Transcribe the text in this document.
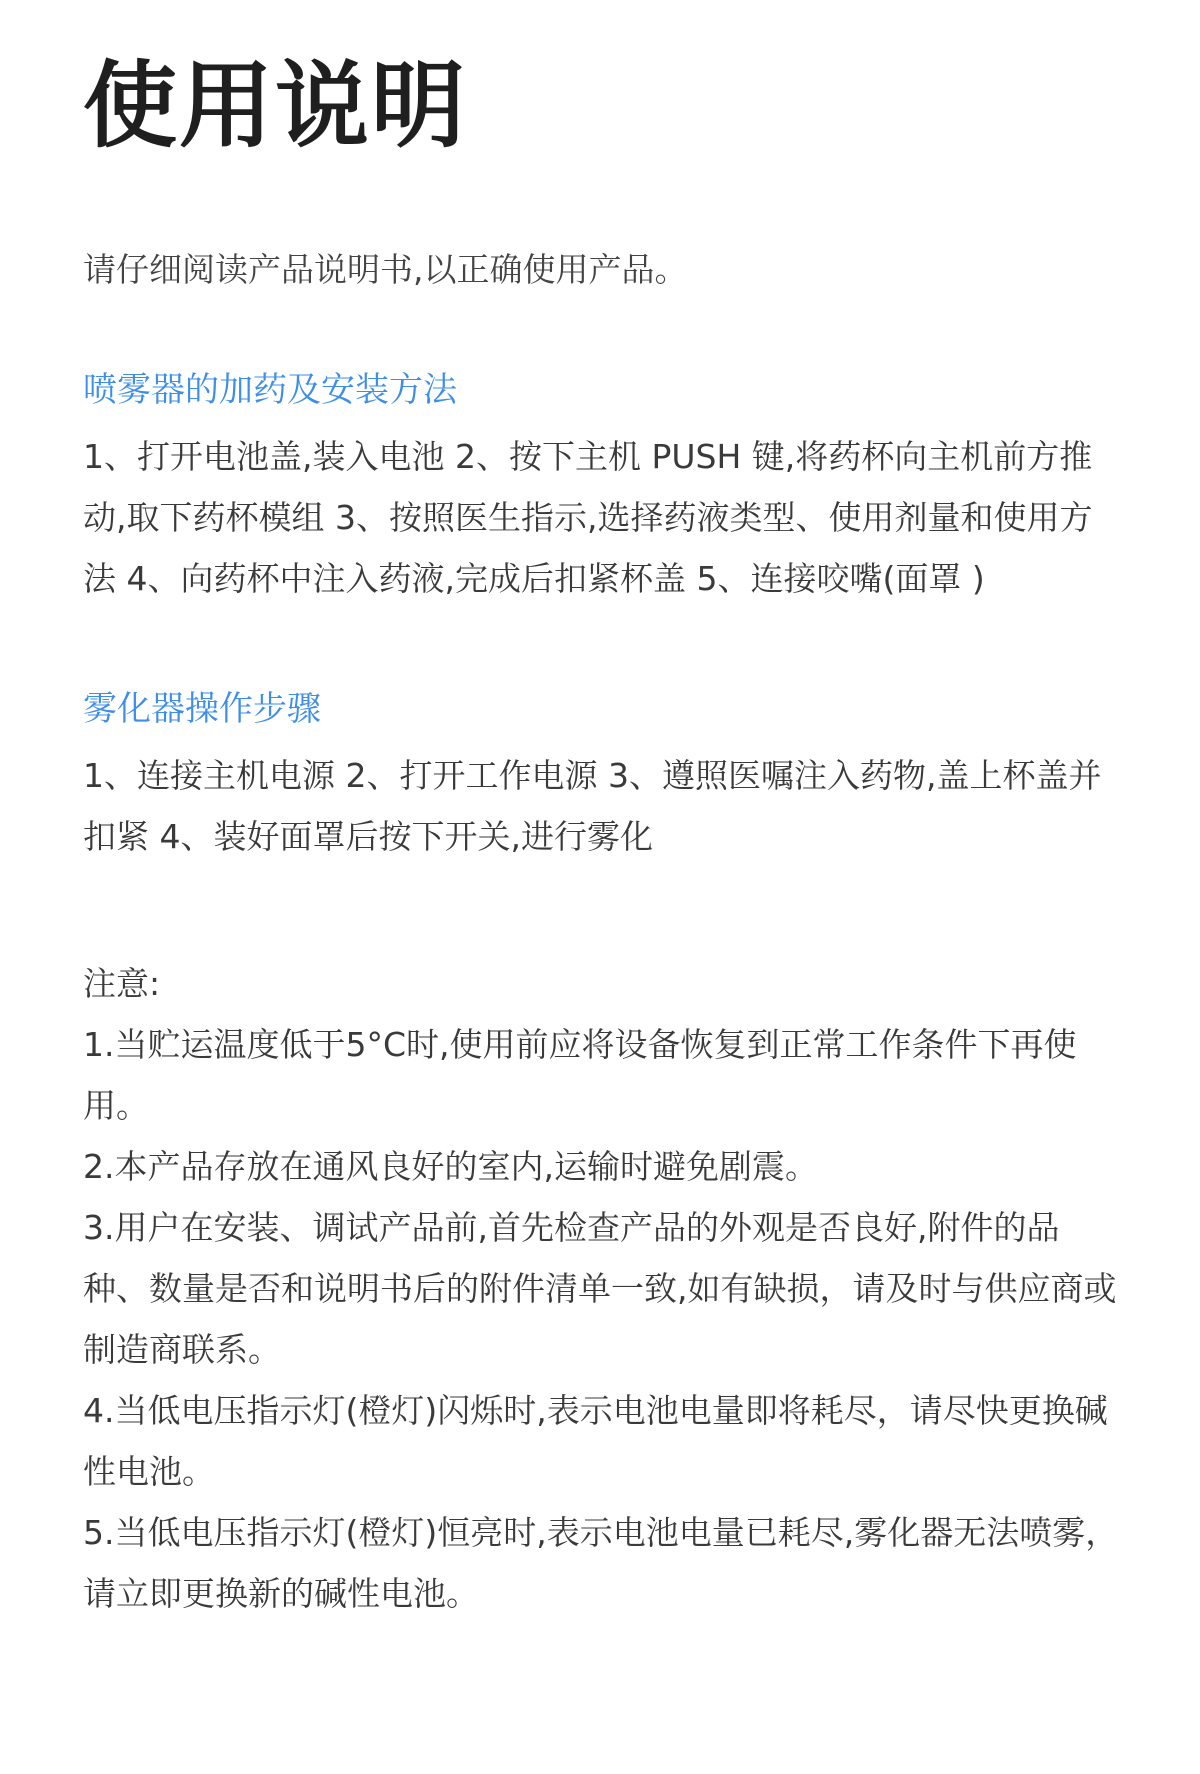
使用说明

请仔细阅读产品说明书,以正确使用产品。

喷雾器的加药及安装方法

1、打开电池盖,装入电池 2、按下主机 PUSH 键,将药杯向主机前方推动,取下药杯模组 3、按照医生指示,选择药液类型、使用剂量和使用方法 4、向药杯中注入药液,完成后扣紧杯盖 5、连接咬嘴(面罩 )

雾化器操作步骤

1、连接主机电源 2、打开工作电源 3、遵照医嘱注入药物,盖上杯盖并扣紧 4、装好面罩后按下开关,进行雾化

注意:

1.当贮运温度低于5°C时,使用前应将设备恢复到正常工作条件下再使用。
2.本产品存放在通风良好的室内,运输时避免剧震。
3.用户在安装、调试产品前,首先检查产品的外观是否良好,附件的品种、数量是否和说明书后的附件清单一致,如有缺损，请及时与供应商或制造商联系。
4.当低电压指示灯(橙灯)闪烁时,表示电池电量即将耗尽，请尽快更换碱性电池。
5.当低电压指示灯(橙灯)恒亮时,表示电池电量已耗尽,雾化器无法喷雾，请立即更换新的碱性电池。
